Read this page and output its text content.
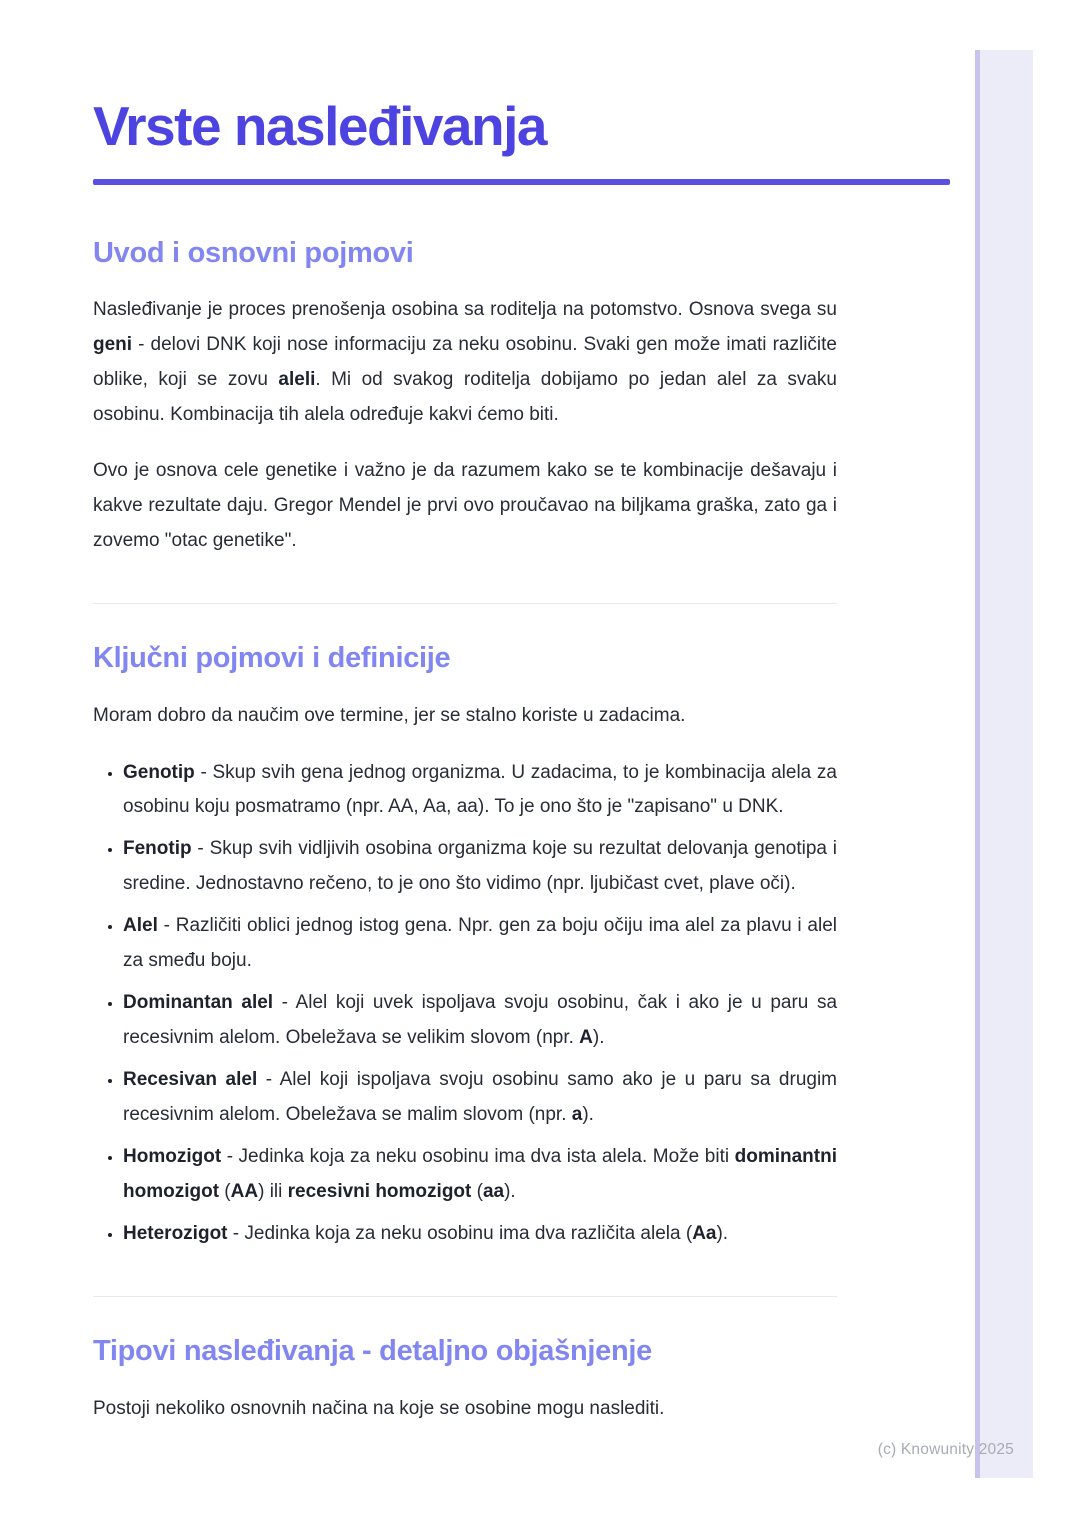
Vrste nasleđivanja
Uvod i osnovni pojmovi

Nasleđivanje je proces prenošenja osobina sa roditelja na potomstvo. Osnova svega su geni - delovi DNK koji nose informaciju za neku osobinu. Svaki gen može imati različite oblike, koji se zovu aleli. Mi od svakog roditelja dobijamo po jedan alel za svaku osobinu. Kombinacija tih alela određuje kakvi ćemo biti.

Ovo je osnova cele genetike i važno je da razumem kako se te kombinacije dešavaju i kakve rezultate daju. Gregor Mendel je prvi ovo proučavao na biljkama graška, zato ga i zovemo "otac genetike".

Ključni pojmovi i definicije

Moram dobro da naučim ove termine, jer se stalno koriste u zadacima.

• Genotip - Skup svih gena jednog organizma. U zadacima, to je kombinacija alela za osobinu koju posmatramo (npr. AA, Aa, aa). To je ono što je "zapisano" u DNK.
• Fenotip - Skup svih vidljivih osobina organizma koje su rezultat delovanja genotipa i sredine. Jednostavno rečeno, to je ono što vidimo (npr. ljubičast cvet, plave oči).
• Alel - Različiti oblici jednog istog gena. Npr. gen za boju očiju ima alel za plavu i alel za smeđu boju.
• Dominantan alel - Alel koji uvek ispoljava svoju osobinu, čak i ako je u paru sa recesivnim alelom. Obeležava se velikim slovom (npr. A).
• Recesivan alel - Alel koji ispoljava svoju osobinu samo ako je u paru sa drugim recesivnim alelom. Obeležava se malim slovom (npr. a).
• Homozigot - Jedinka koja za neku osobinu ima dva ista alela. Može biti dominantni homozigot (AA) ili recesivni homozigot (aa).
• Heterozigot - Jedinka koja za neku osobinu ima dva različita alela (Aa).
Tipovi nasleđivanja - detaljno objašnjenje

Postoji nekoliko osnovnih načina na koje se osobine mogu naslediti.

(c) Knowunity 2025
